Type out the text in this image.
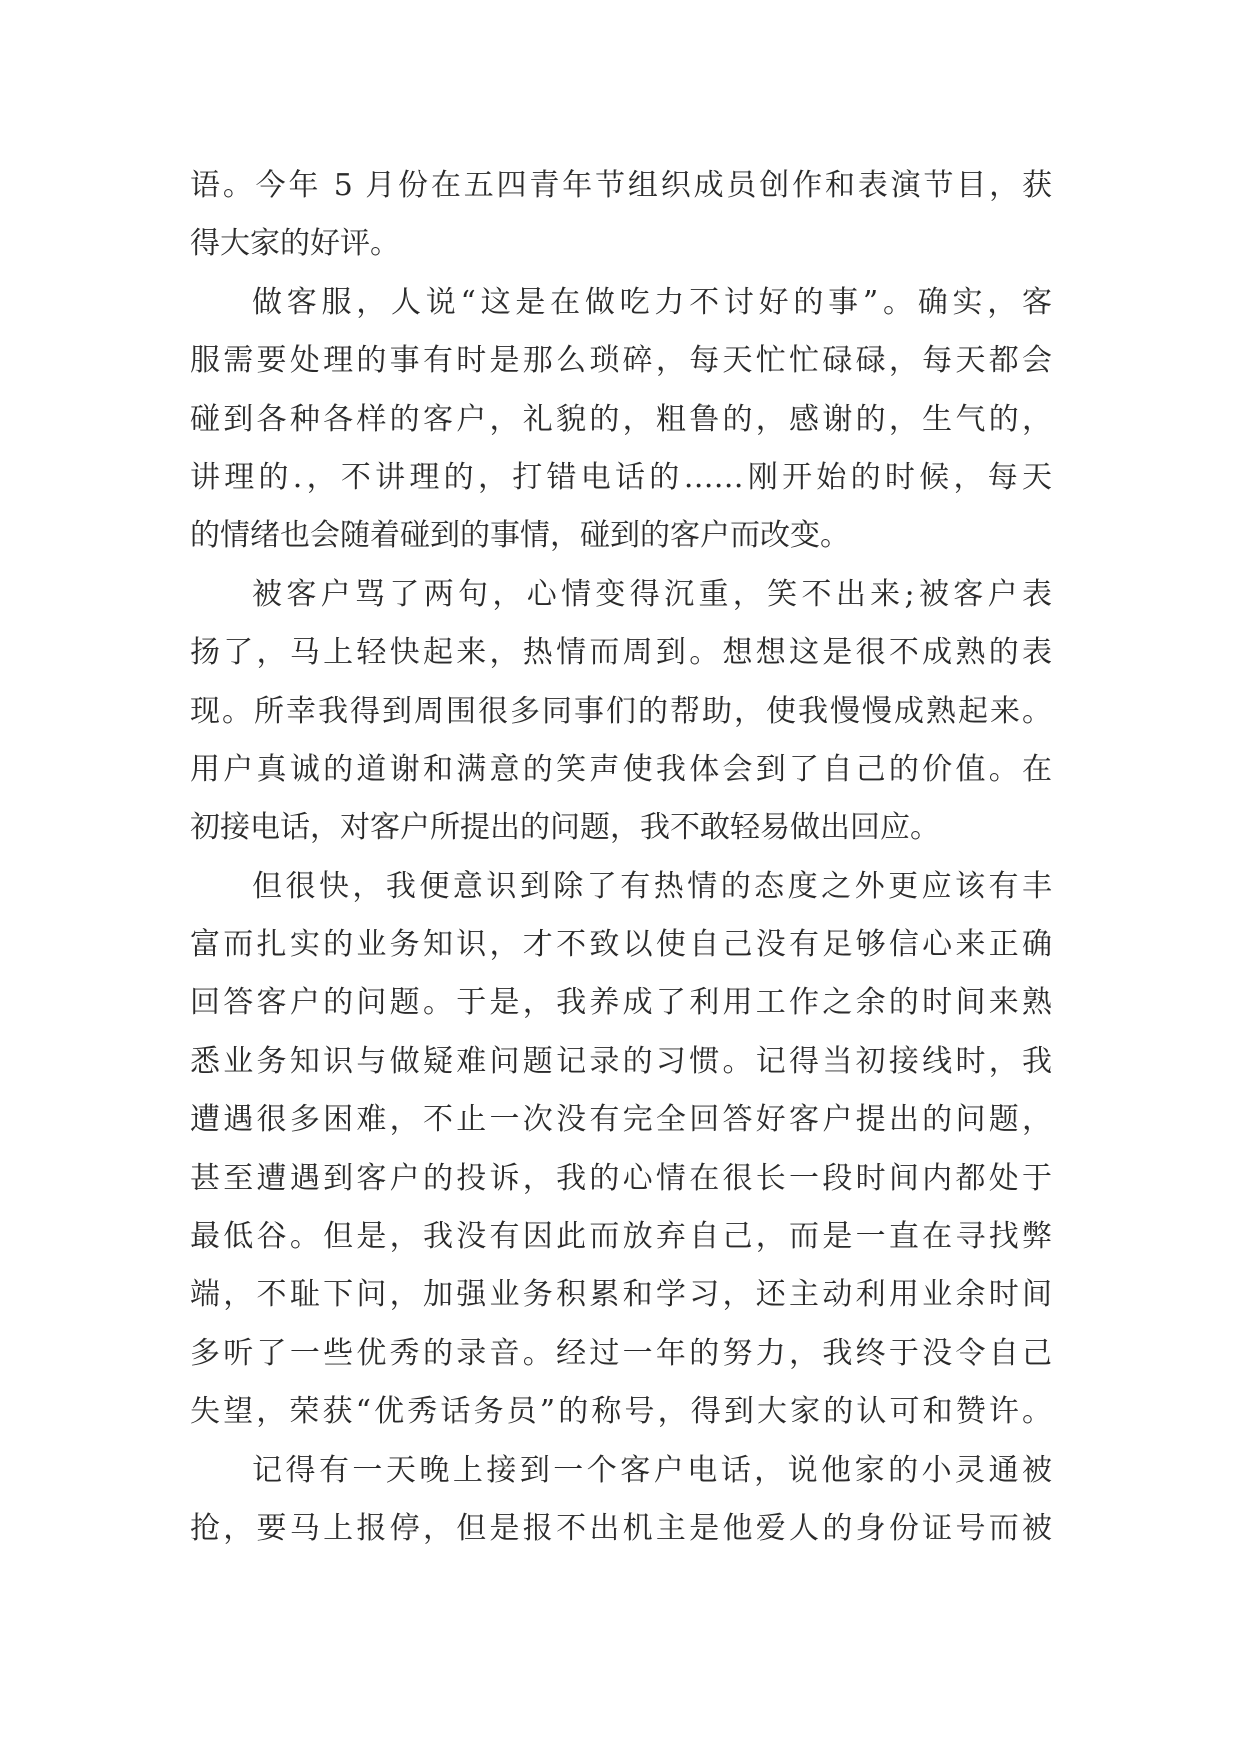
语。今年 5 月份在五四青年节组织成员创作和表演节目，获
得大家的好评。
做客服，人说“这是在做吃力不讨好的事”。确实，客
服需要处理的事有时是那么琐碎，每天忙忙碌碌，每天都会
碰到各种各样的客户，礼貌的，粗鲁的，感谢的，生气的，
讲理的.，不讲理的，打错电话的……刚开始的时候，每天
的情绪也会随着碰到的事情，碰到的客户而改变。
被客户骂了两句，心情变得沉重，笑不出来;被客户表
扬了，马上轻快起来，热情而周到。想想这是很不成熟的表
现。所幸我得到周围很多同事们的帮助，使我慢慢成熟起来。
用户真诚的道谢和满意的笑声使我体会到了自己的价值。在
初接电话，对客户所提出的问题，我不敢轻易做出回应。
但很快，我便意识到除了有热情的态度之外更应该有丰
富而扎实的业务知识，才不致以使自己没有足够信心来正确
回答客户的问题。于是，我养成了利用工作之余的时间来熟
悉业务知识与做疑难问题记录的习惯。记得当初接线时，我
遭遇很多困难，不止一次没有完全回答好客户提出的问题，
甚至遭遇到客户的投诉，我的心情在很长一段时间内都处于
最低谷。但是，我没有因此而放弃自己，而是一直在寻找弊
端，不耻下问，加强业务积累和学习，还主动利用业余时间
多听了一些优秀的录音。经过一年的努力，我终于没令自己
失望，荣获“优秀话务员”的称号，得到大家的认可和赞许。
记得有一天晚上接到一个客户电话，说他家的小灵通被
抢，要马上报停，但是报不出机主是他爱人的身份证号而被
